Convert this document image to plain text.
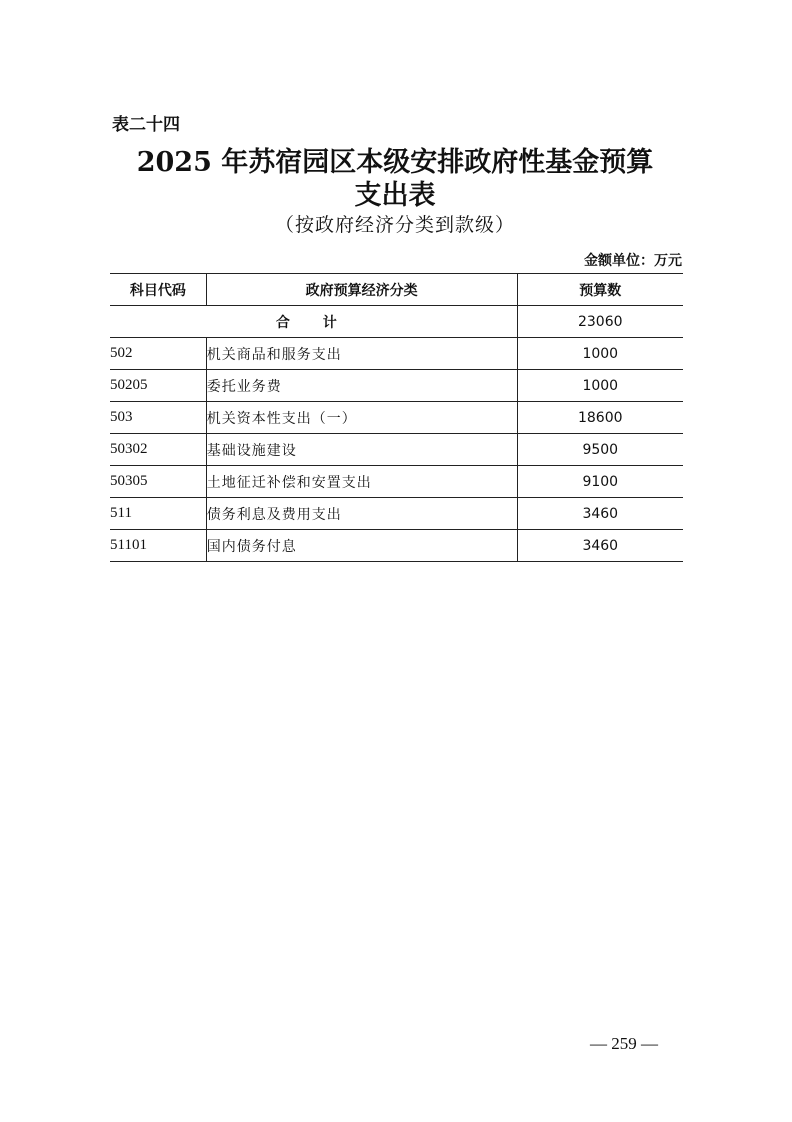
表二十四
2025 年苏宿园区本级安排政府性基金预算
支出表
（按政府经济分类到款级）
金额单位：万元
科目代码	政府预算经济分类	预算数
合 计		23060
502	机关商品和服务支出	1000
50205	委托业务费	1000
503	机关资本性支出（一）	18600
50302	基础设施建设	9500
50305	土地征迁补偿和安置支出	9100
511	债务利息及费用支出	3460
51101	国内债务付息	3460
— 259 —
